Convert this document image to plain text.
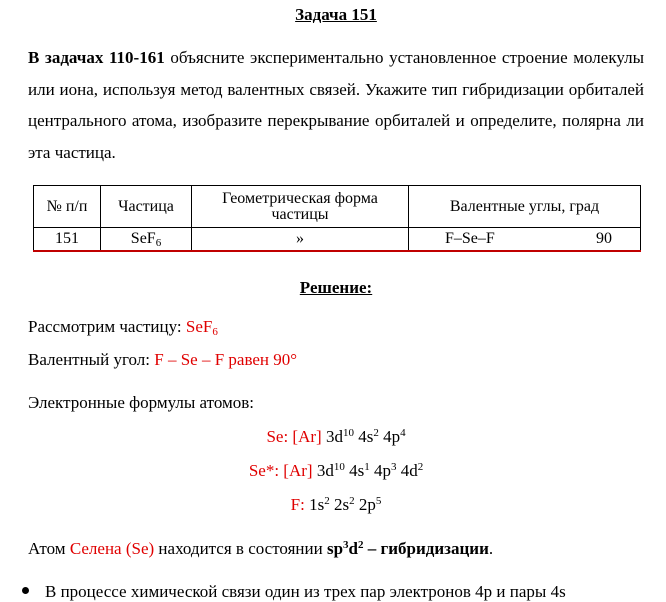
Задача 151
В задачах 110-161 объясните экспериментально установленное строение молекулы или иона, используя метод валентных связей. Укажите тип гибридизации орбиталей центрального атома, изобразите перекрывание орбиталей и определите, полярна ли эта частица.
№ п/п	Частица	Геометрическая форма частицы	Валентные углы, град
151	SeF$_6$	»	F–Se–F 90

Решение:
Рассмотрим частицу: SeF$_6$
Валентный угол: F – Se – F равен 90°
Электронные формулы атомов:
Se: [Ar] $3d^{10}$ $4s^2$ $4p^4$
Se*: [Ar] $3d^{10}$ $4s^1$ $4p^3$ $4d^2$
F: $1s^2$ $2s^2$ $2p^5$
Атом Селена (Se) находится в состоянии $sp^3d^2$ – гибридизации.
В процессе химической связи один из трех пар электронов 4p и пары 4s
